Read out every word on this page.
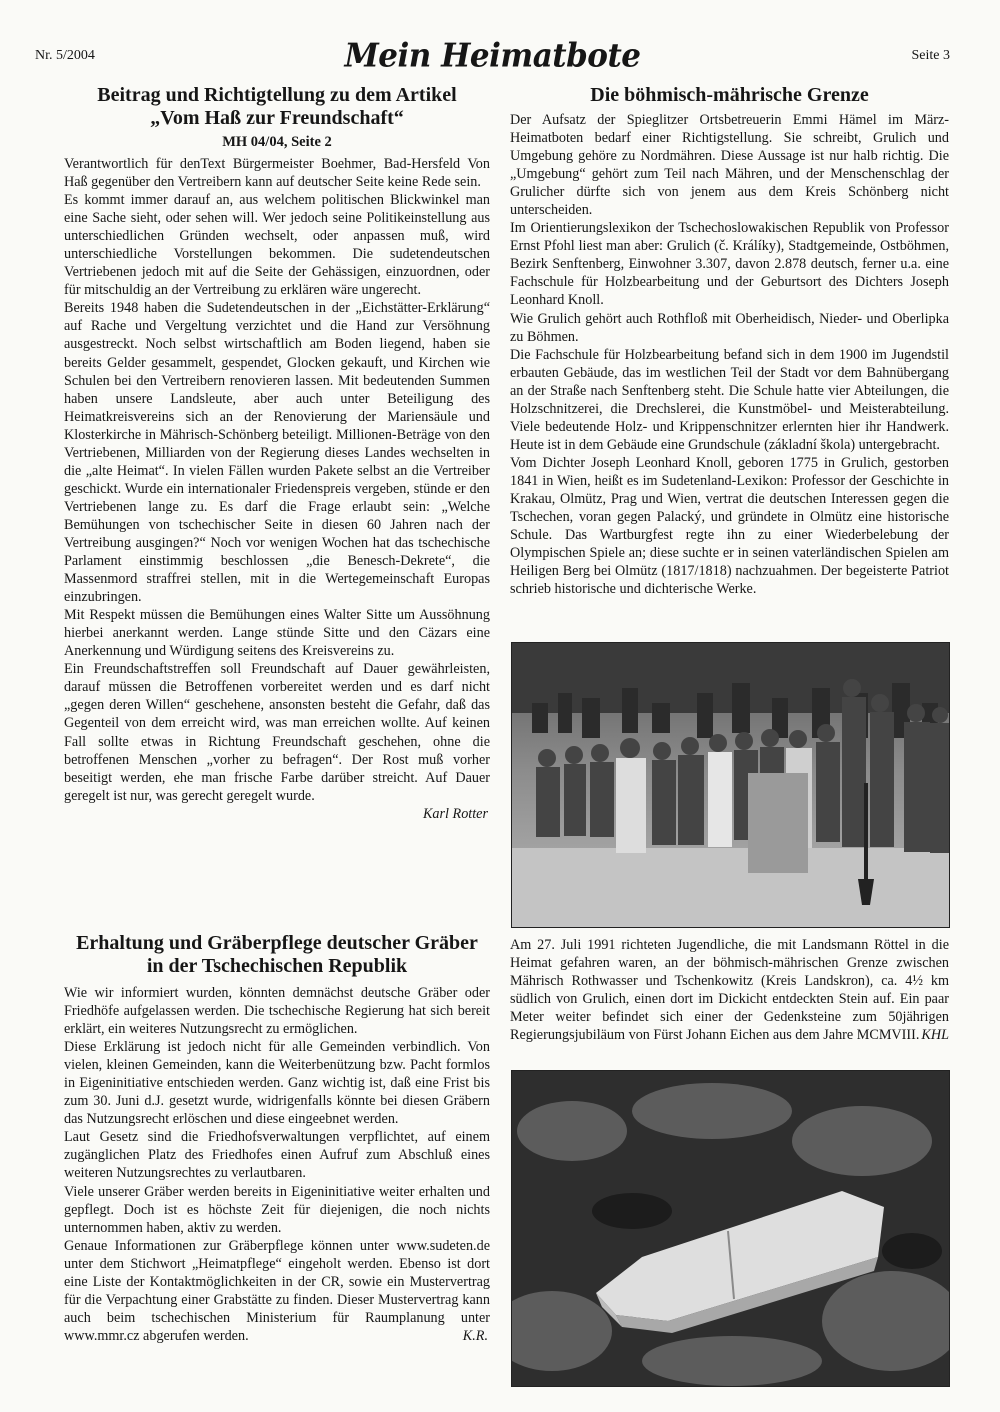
Nr. 5/2004	Mein Heimatbote	Seite 3
Beitrag und Richtigtellung zu dem Artikel
„Vom Haß zur Freundschaft“
MH 04/04, Seite 2

Verantwortlich für denText Bürgermeister Boehmer, Bad-Hersfeld Von Haß gegenüber den Vertreibern kann auf deutscher Seite keine Rede sein.

Es kommt immer darauf an, aus welchem politischen Blickwinkel man eine Sache sieht, oder sehen will. Wer jedoch seine Politikeinstellung aus unterschiedlichen Gründen wechselt, oder anpassen muß, wird unterschiedliche Vorstellungen bekommen. Die sudetendeutschen Vertriebenen jedoch mit auf die Seite der Gehässigen, einzuordnen, oder für mitschuldig an der Vertreibung zu erklären wäre ungerecht.

Bereits 1948 haben die Sudetendeutschen in der „Eichstätter-Erklärung“ auf Rache und Vergeltung verzichtet und die Hand zur Versöhnung ausgestreckt. Noch selbst wirtschaftlich am Boden liegend, haben sie bereits Gelder gesammelt, gespendet, Glocken gekauft, und Kirchen wie Schulen bei den Vertreibern renovieren lassen. Mit bedeutenden Summen haben unsere Landsleute, aber auch unter Beteiligung des Heimatkreisvereins sich an der Renovierung der Mariensäule und Klosterkirche in Mährisch-Schönberg beteiligt. Millionen-Beträge von den Vertriebenen, Milliarden von der Regierung dieses Landes wechselten in die „alte Heimat“. In vielen Fällen wurden Pakete selbst an die Vertreiber geschickt. Wurde ein internationaler Friedenspreis vergeben, stünde er den Vertriebenen lange zu. Es darf die Frage erlaubt sein: „Welche Bemühungen von tschechischer Seite in diesen 60 Jahren nach der Vertreibung ausgingen?“ Noch vor wenigen Wochen hat das tschechische Parlament einstimmig beschlossen „die Benesch-Dekrete“, die Massenmord straffrei stellen, mit in die Wertegemeinschaft Europas einzubringen.

Mit Respekt müssen die Bemühungen eines Walter Sitte um Aussöhnung hierbei anerkannt werden. Lange stünde Sitte und den Cäzars eine Anerkennung und Würdigung seitens des Kreisvereins zu.

Ein Freundschaftstreffen soll Freundschaft auf Dauer gewährleisten, darauf müssen die Betroffenen vorbereitet werden und es darf nicht „gegen deren Willen“ geschehene, ansonsten besteht die Gefahr, daß das Gegenteil von dem erreicht wird, was man erreichen wollte. Auf keinen Fall sollte etwas in Richtung Freundschaft geschehen, ohne die betroffenen Menschen „vorher zu befragen“. Der Rost muß vorher beseitigt werden, ehe man frische Farbe darüber streicht. Auf Dauer geregelt ist nur, was gerecht geregelt wurde.

Karl Rotter
Erhaltung und Gräberpflege deutscher Gräber
in der Tschechischen Republik

Wie wir informiert wurden, könnten demnächst deutsche Gräber oder Friedhöfe aufgelassen werden. Die tschechische Regierung hat sich bereit erklärt, ein weiteres Nutzungsrecht zu ermöglichen.

Diese Erklärung ist jedoch nicht für alle Gemeinden verbindlich. Von vielen, kleinen Gemeinden, kann die Weiterbenützung bzw. Pacht formlos in Eigeninitiative entschieden werden. Ganz wichtig ist, daß eine Frist bis zum 30. Juni d.J. gesetzt wurde, widrigenfalls könnte bei diesen Gräbern das Nutzungsrecht erlöschen und diese eingeebnet werden.

Laut Gesetz sind die Friedhofsverwaltungen verpflichtet, auf einem zugänglichen Platz des Friedhofes einen Aufruf zum Abschluß eines weiteren Nutzungsrechtes zu verlautbaren.

Viele unserer Gräber werden bereits in Eigeninitiative weiter erhalten und gepflegt. Doch ist es höchste Zeit für diejenigen, die noch nichts unternommen haben, aktiv zu werden.

Genaue Informationen zur Gräberpflege können unter www.sudeten.de unter dem Stichwort „Heimatpflege“ eingeholt werden. Ebenso ist dort eine Liste der Kontaktmöglichkeiten in der CR, sowie ein Mustervertrag für die Verpachtung einer Grabstätte zu finden. Dieser Mustervertrag kann auch beim tschechischen Ministerium für Raumplanung unter www.mmr.cz abgerufen werden.	K.R.
Die böhmisch-mährische Grenze

Der Aufsatz der Spieglitzer Ortsbetreuerin Emmi Hämel im März-Heimatboten bedarf einer Richtigstellung. Sie schreibt, Grulich und Umgebung gehöre zu Nordmähren. Diese Aussage ist nur halb richtig. Die „Umgebung“ gehört zum Teil nach Mähren, und der Menschenschlag der Grulicher dürfte sich von jenem aus dem Kreis Schönberg nicht unterscheiden.

Im Orientierungslexikon der Tschechoslowakischen Republik von Professor Ernst Pfohl liest man aber: Grulich (č. Králíky), Stadtgemeinde, Ostböhmen, Bezirk Senftenberg, Einwohner 3.307, davon 2.878 deutsch, ferner u.a. eine Fachschule für Holzbearbeitung und der Geburtsort des Dichters Joseph Leonhard Knoll.

Wie Grulich gehört auch Rothfloß mit Oberheidisch, Nieder- und Oberlipka zu Böhmen.

Die Fachschule für Holzbearbeitung befand sich in dem 1900 im Jugendstil erbauten Gebäude, das im westlichen Teil der Stadt vor dem Bahnübergang an der Straße nach Senftenberg steht. Die Schule hatte vier Abteilungen, die Holzschnitzerei, die Drechslerei, die Kunstmöbel- und Meisterabteilung. Viele bedeutende Holz- und Krippenschnitzer erlernten hier ihr Handwerk. Heute ist in dem Gebäude eine Grundschule (základní škola) untergebracht.

Vom Dichter Joseph Leonhard Knoll, geboren 1775 in Grulich, gestorben 1841 in Wien, heißt es im Sudetenland-Lexikon: Professor der Geschichte in Krakau, Olmütz, Prag und Wien, vertrat die deutschen Interessen gegen die Tschechen, voran gegen Palacký, und gründete in Olmütz eine historische Schule. Das Wartburgfest regte ihn zu einer Wiederbelebung der Olympischen Spiele an; diese suchte er in seinen vaterländischen Spielen am Heiligen Berg bei Olmütz (1817/1818) nachzuahmen. Der begeisterte Patriot schrieb historische und dichterische Werke.

Am 27. Juli 1991 richteten Jugendliche, die mit Landsmann Röttel in die Heimat gefahren waren, an der böhmisch-mährischen Grenze zwischen Mährisch Rothwasser und Tschenkowitz (Kreis Landskron), ca. 4½ km südlich von Grulich, einen dort im Dickicht entdeckten Stein auf. Ein paar Meter weiter befindet sich einer der Gedenksteine zum 50jährigen Regierungsjubiläum von Fürst Johann Eichen aus dem Jahre MCMVIII. KHL
